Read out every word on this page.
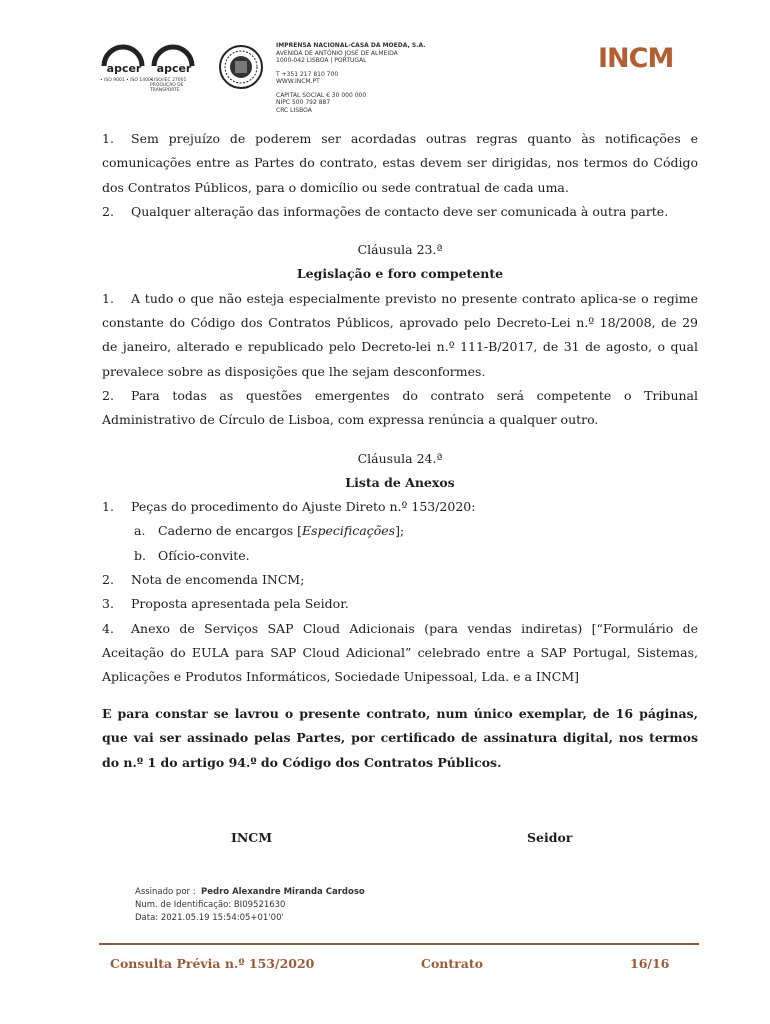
apcer
• ISO 9001 • ISO 14001
apcer
• ISO/IEC 27001 PRODUÇÃO DE TRANSPORTE
IMPRENSA NACIONAL-CASA DA MOEDA, S.A.
AVENIDA DE ANTÓNIO JOSÉ DE ALMEIDA
1000-042 LISBOA | PORTUGAL
T +351 217 810 700
WWW.INCM.PT
CAPITAL SOCIAL € 30 000 000
NIPC 500 792 887
CRC LISBOA
INCM

1. Sem prejuízo de poderem ser acordadas outras regras quanto às notificações e comunicações entre as Partes do contrato, estas devem ser dirigidas, nos termos do Código dos Contratos Públicos, para o domicílio ou sede contratual de cada uma.

2. Qualquer alteração das informações de contacto deve ser comunicada à outra parte.

Cláusula 23.ª

Legislação e foro competente

1. A tudo o que não esteja especialmente previsto no presente contrato aplica-se o regime constante do Código dos Contratos Públicos, aprovado pelo Decreto-Lei n.º 18/2008, de 29 de janeiro, alterado e republicado pelo Decreto-lei n.º 111-B/2017, de 31 de agosto, o qual prevalece sobre as disposições que lhe sejam desconformes.

2. Para todas as questões emergentes do contrato será competente o Tribunal Administrativo de Círculo de Lisboa, com expressa renúncia a qualquer outro.

Cláusula 24.ª

Lista de Anexos

1. Peças do procedimento do Ajuste Direto n.º 153/2020:

a. Caderno de encargos [Especificações];

b. Ofício-convite.

2. Nota de encomenda INCM;

3. Proposta apresentada pela Seidor.

4. Anexo de Serviços SAP Cloud Adicionais (para vendas indiretas) [“Formulário de Aceitação do EULA para SAP Cloud Adicional” celebrado entre a SAP Portugal, Sistemas, Aplicações e Produtos Informáticos, Sociedade Unipessoal, Lda. e a INCM]

E para constar se lavrou o presente contrato, num único exemplar, de 16 páginas, que vai ser assinado pelas Partes, por certificado de assinatura digital, nos termos do n.º 1 do artigo 94.º do Código dos Contratos Públicos.

INCM	Seidor
Assinado por : Pedro Alexandre Miranda Cardoso
Num. de Identificação: BI09521630
Data: 2021.05.19 15:54:05+01'00'
Consulta Prévia n.º 153/2020	Contrato	16/16
